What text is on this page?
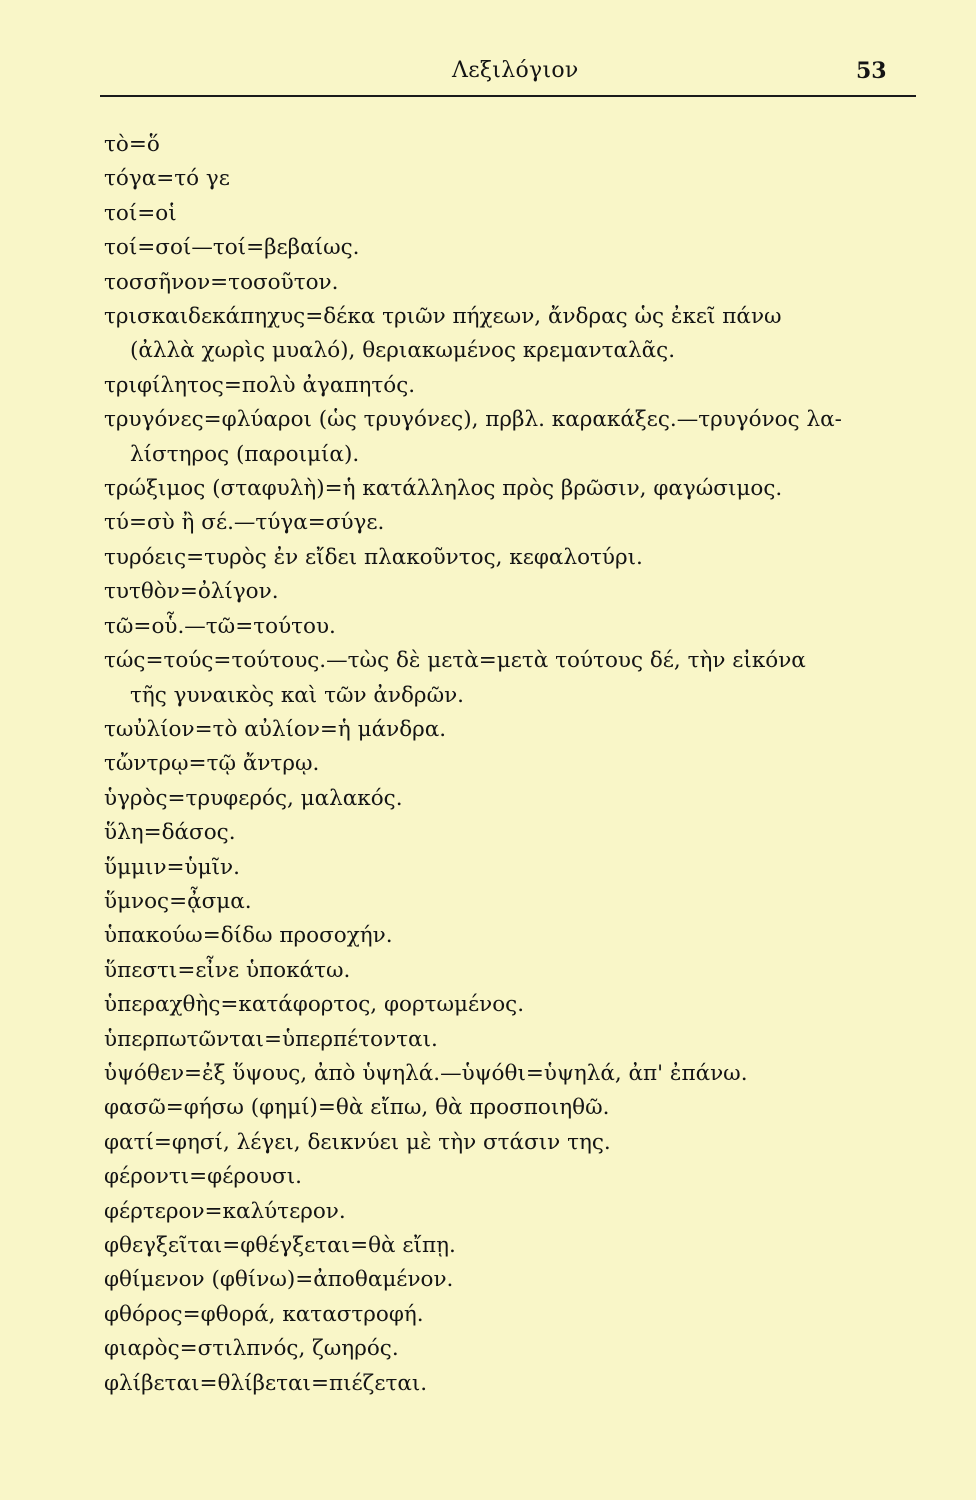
Λεξιλόγιον	53
τὸ=ὅ
τόγα=τό γε
τοί=οἱ
τοί=σοί—τοί=βεβαίως.
τοσσῆνον=τοσοῦτον.
τρισκαιδεκάπηχυς=δέκα τριῶν πήχεων, ἄνδρας ὡς ἐκεῖ πάνω
(ἀλλὰ χωρὶς μυαλό), θεριακωμένος κρεμανταλᾶς.
τριφίλητος=πολὺ ἀγαπητός.
τρυγόνες=φλύαροι (ὡς τρυγόνες), πρβλ. καρακάξες.—τρυγόνος λα-
λίστηρος (παροιμία).
τρώξιμος (σταφυλὴ)=ἡ κατάλληλος πρὸς βρῶσιν, φαγώσιμος.
τύ=σὺ ἢ σέ.—τύγα=σύγε.
τυρόεις=τυρὸς ἐν εἴδει πλακοῦντος, κεφαλοτύρι.
τυτθὸν=ὀλίγον.
τῶ=οὗ.—τῶ=τούτου.
τώς=τούς=τούτους.—τὼς δὲ μετὰ=μετὰ τούτους δέ, τὴν εἰκόνα
τῆς γυναικὸς καὶ τῶν ἀνδρῶν.
τωὐλίον=τὸ αὐλίον=ἡ μάνδρα.
τὤντρῳ=τῷ ἄντρῳ.
ὑγρὸς=τρυφερός, μαλακός.
ὕλη=δάσος.
ὕμμιν=ὑμῖν.
ὕμνος=ᾆσμα.
ὑπακούω=δίδω προσοχήν.
ὕπεστι=εἶνε ὑποκάτω.
ὑπεραχθὴς=κατάφορτος, φορτωμένος.
ὑπερπωτῶνται=ὑπερπέτονται.
ὑψόθεν=ἐξ ὕψους, ἀπὸ ὑψηλά.—ὑψόθι=ὑψηλά, ἀπ' ἐπάνω.
φασῶ=φήσω (φημί)=θὰ εἴπω, θὰ προσποιηθῶ.
φατί=φησί, λέγει, δεικνύει μὲ τὴν στάσιν της.
φέροντι=φέρουσι.
φέρτερον=καλύτερον.
φθεγξεῖται=φθέγξεται=θὰ εἴπῃ.
φθίμενον (φθίνω)=ἀποθαμένον.
φθόρος=φθορά, καταστροφή.
φιαρὸς=στιλπνός, ζωηρός.
φλίβεται=θλίβεται=πιέζεται.
